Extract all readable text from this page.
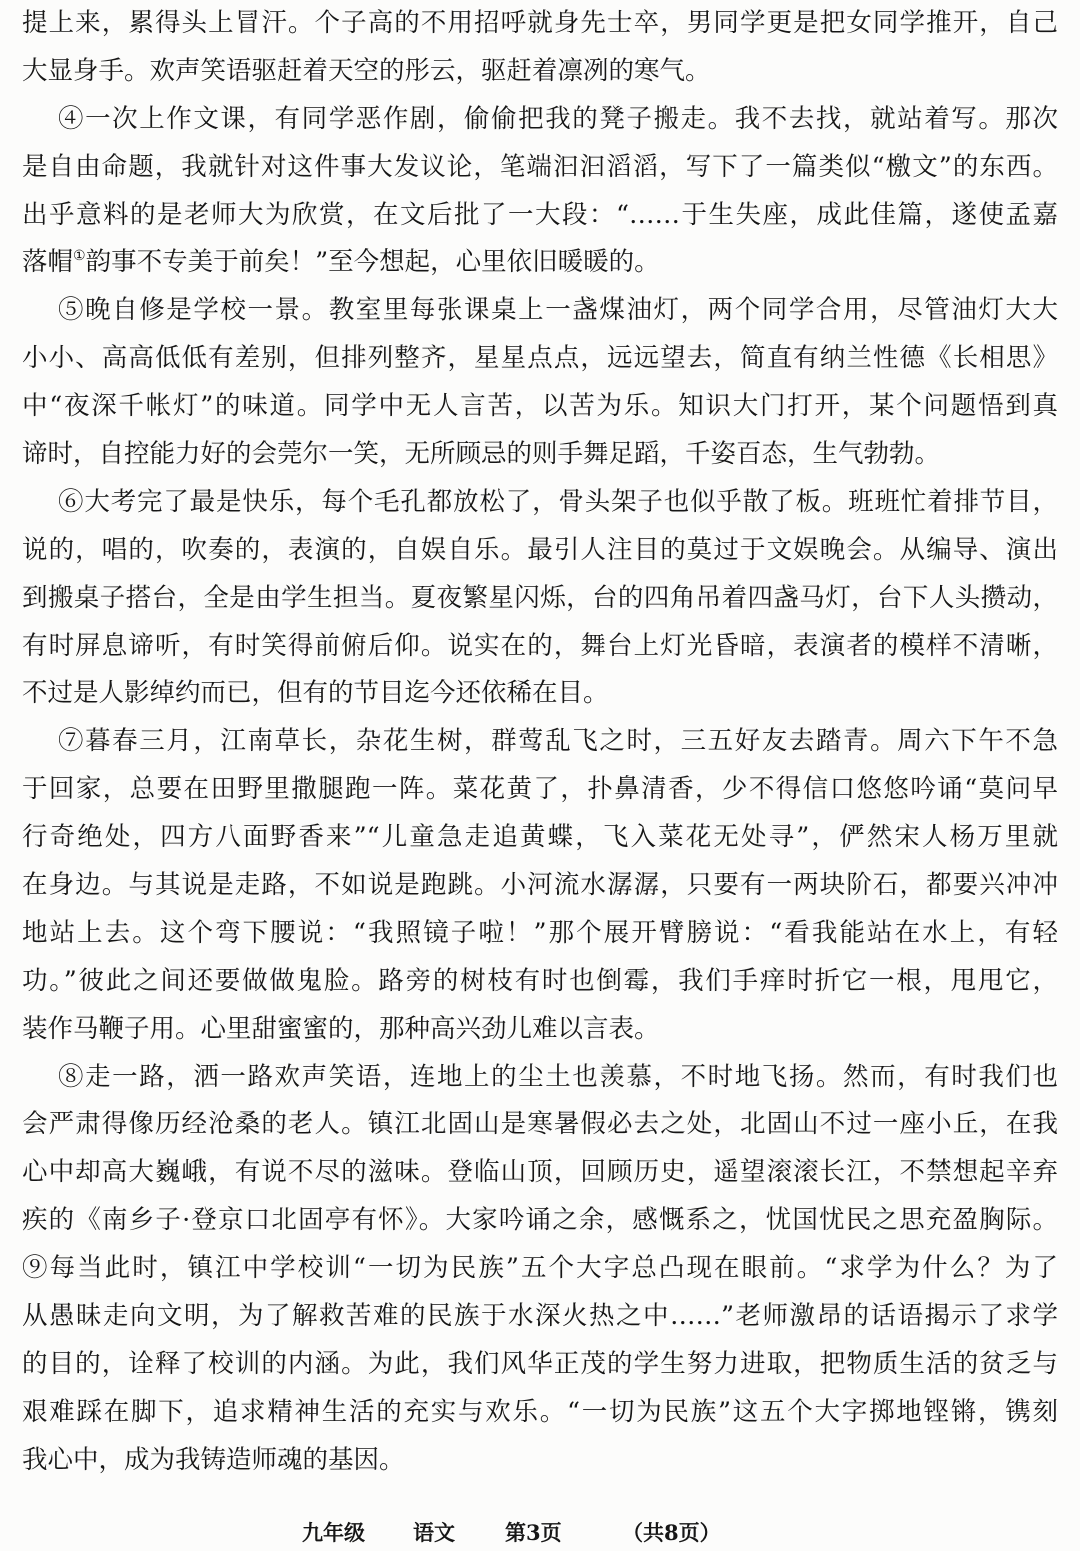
提上来，累得头上冒汗。个子高的不用招呼就身先士卒，男同学更是把女同学推开，自己
大显身手。欢声笑语驱赶着天空的彤云，驱赶着凛冽的寒气。
④一次上作文课，有同学恶作剧，偷偷把我的凳子搬走。我不去找，就站着写。那次
是自由命题，我就针对这件事大发议论，笔端汩汩滔滔，写下了一篇类似“檄文”的东西。
出乎意料的是老师大为欣赏，在文后批了一大段：“……于生失座，成此佳篇，遂使孟嘉
落帽①韵事不专美于前矣！”至今想起，心里依旧暖暖的。
⑤晚自修是学校一景。教室里每张课桌上一盏煤油灯，两个同学合用，尽管油灯大大
小小、高高低低有差别，但排列整齐，星星点点，远远望去，简直有纳兰性德《长相思》
中“夜深千帐灯”的味道。同学中无人言苦，以苦为乐。知识大门打开，某个问题悟到真
谛时，自控能力好的会莞尔一笑，无所顾忌的则手舞足蹈，千姿百态，生气勃勃。
⑥大考完了最是快乐，每个毛孔都放松了，骨头架子也似乎散了板。班班忙着排节目，
说的，唱的，吹奏的，表演的，自娱自乐。最引人注目的莫过于文娱晚会。从编导、演出
到搬桌子搭台，全是由学生担当。夏夜繁星闪烁，台的四角吊着四盏马灯，台下人头攒动，
有时屏息谛听，有时笑得前俯后仰。说实在的，舞台上灯光昏暗，表演者的模样不清晰，
不过是人影绰约而已，但有的节目迄今还依稀在目。
⑦暮春三月，江南草长，杂花生树，群莺乱飞之时，三五好友去踏青。周六下午不急
于回家，总要在田野里撒腿跑一阵。菜花黄了，扑鼻清香，少不得信口悠悠吟诵“莫问早
行奇绝处，四方八面野香来”“儿童急走追黄蝶，飞入菜花无处寻”，俨然宋人杨万里就
在身边。与其说是走路，不如说是跑跳。小河流水潺潺，只要有一两块阶石，都要兴冲冲
地站上去。这个弯下腰说：“我照镜子啦！”那个展开臂膀说：“看我能站在水上，有轻
功。”彼此之间还要做做鬼脸。路旁的树枝有时也倒霉，我们手痒时折它一根，甩甩它，
装作马鞭子用。心里甜蜜蜜的，那种高兴劲儿难以言表。
⑧走一路，洒一路欢声笑语，连地上的尘土也羡慕，不时地飞扬。然而，有时我们也
会严肃得像历经沧桑的老人。镇江北固山是寒暑假必去之处，北固山不过一座小丘，在我
心中却高大巍峨，有说不尽的滋味。登临山顶，回顾历史，遥望滚滚长江，不禁想起辛弃
疾的《南乡子·登京口北固亭有怀》。大家吟诵之余，感慨系之，忧国忧民之思充盈胸际。
⑨每当此时，镇江中学校训“一切为民族”五个大字总凸现在眼前。“求学为什么？为了
从愚昧走向文明，为了解救苦难的民族于水深火热之中……”老师激昂的话语揭示了求学
的目的，诠释了校训的内涵。为此，我们风华正茂的学生努力进取，把物质生活的贫乏与
艰难踩在脚下，追求精神生活的充实与欢乐。“一切为民族”这五个大字掷地铿锵，镌刻
我心中，成为我铸造师魂的基因。
九年级 语文 第3页	（共8页）
